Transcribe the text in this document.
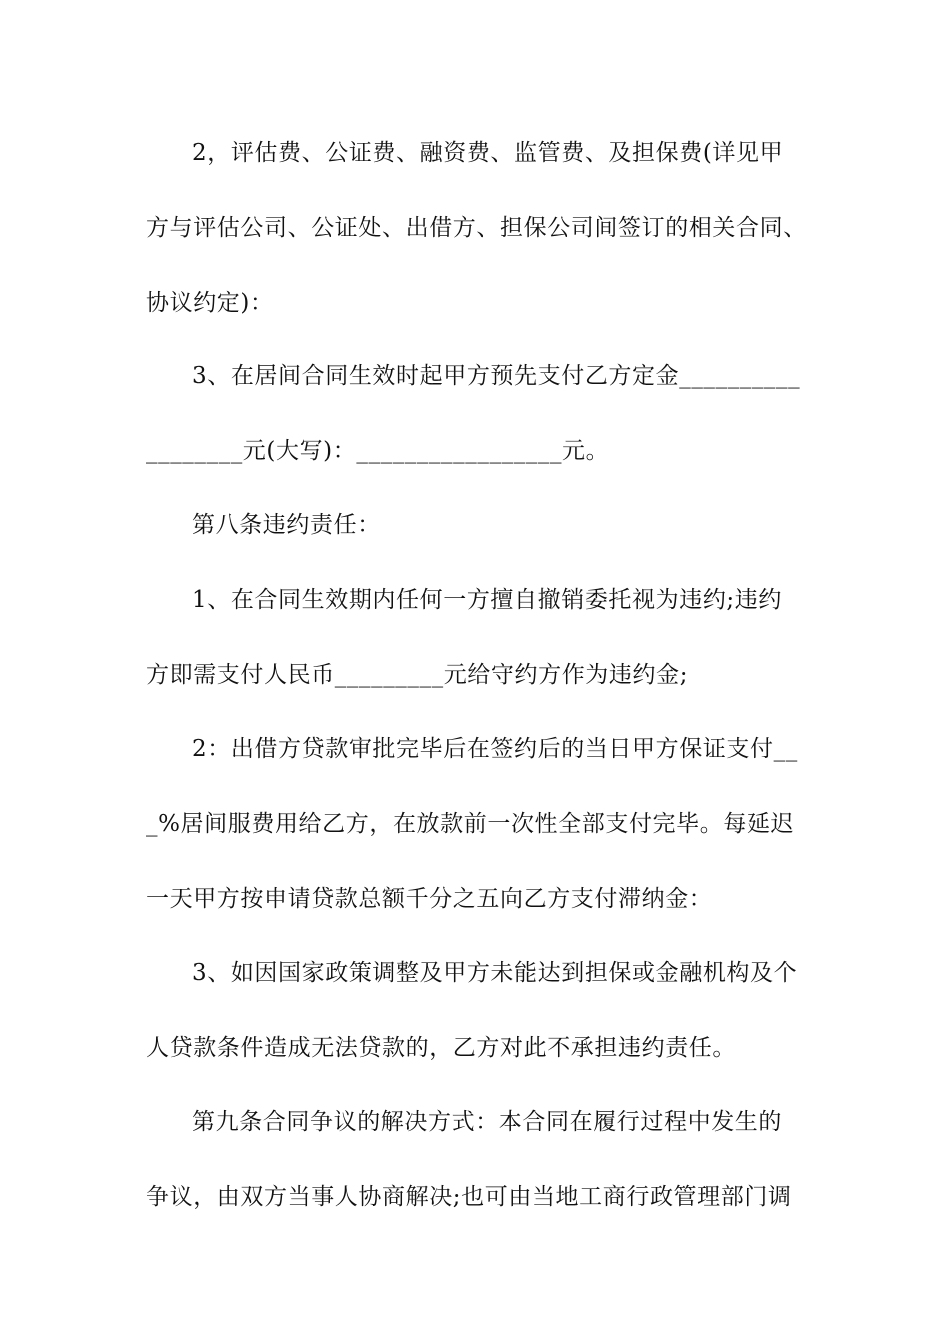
2，评估费、公证费、融资费、监管费、及担保费(详见甲
方与评估公司、公证处、出借方、担保公司间签订的相关合同、
协议约定)：
3、在居间合同生效时起甲方预先支付乙方定金__________
________元(大写)：_________________元。
第八条违约责任：
1、在合同生效期内任何一方擅自撤销委托视为违约;违约
方即需支付人民币_________元给守约方作为违约金;
2：出借方贷款审批完毕后在签约后的当日甲方保证支付__
_%居间服费用给乙方，在放款前一次性全部支付完毕。每延迟
一天甲方按申请贷款总额千分之五向乙方支付滞纳金：
3、如因国家政策调整及甲方未能达到担保或金融机构及个
人贷款条件造成无法贷款的，乙方对此不承担违约责任。
第九条合同争议的解决方式：本合同在履行过程中发生的
争议，由双方当事人协商解决;也可由当地工商行政管理部门调
